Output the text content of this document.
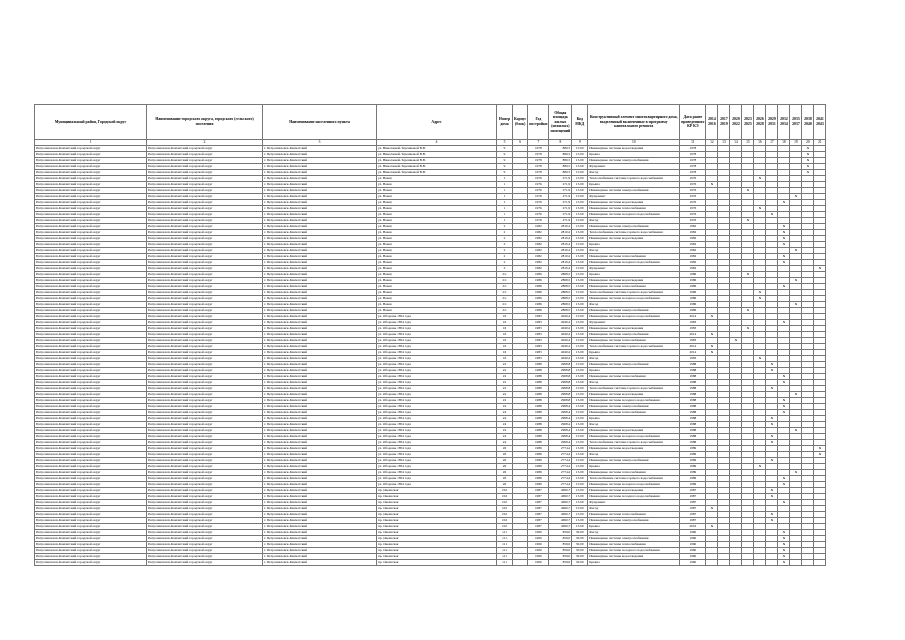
Муниципальный район, Городской округ	Наименование городского округа, городского (сельского) поселения	Наименование населенного пункта	Адрес	Номер дома	Корпус (блок)	Год постройки	Общая площадь жилых (нежилых) помещений	Код МКД	Конструктивный элемент многоквартирного дома, выделенный включенные в программу капитального ремонта	Дата ранее проведенного КР КЭ	2014 2016	2017 2019	2020 2022	2023 2025	2026 2028	2029 2031	2032 2034	2035 2037	2038 2040	2041 2043
1	2	3	4	5	6	7	8	9	10	11	12	13	14	15	16	17	18	19	20	21
Петропавловск-Камчатский городской округ	Петропавловск-Камчатский городской округ	г. Петропавловск-Камчатский	ул. Николаевой-Терешковой В.В.	9		1978	880,5	15.00	Инженерные системы водоотведения	1978									X	
Петропавловск-Камчатский городской округ	Петропавловск-Камчатский городской округ	г. Петропавловск-Камчатский	ул. Николаевой-Терешковой В.В.	9		1978	880,5	15.00	Крыша	1978									X	
Петропавловск-Камчатский городской округ	Петропавловск-Камчатский городской округ	г. Петропавловск-Камчатский	ул. Николаевой-Терешковой В.В.	9		1978	880,5	15.00	Инженерные системы электроснабжения	1978									X	
Петропавловск-Камчатский городской округ	Петропавловск-Камчатский городской округ	г. Петропавловск-Камчатский	ул. Николаевой-Терешковой В.В.	9		1978	880,5	15.00	Фундамент	1978									X	
Петропавловск-Камчатский городской округ	Петропавловск-Камчатский городской округ	г. Петропавловск-Камчатский	ул. Николаевой-Терешковой В.В.	9		1978	880,5	15.00	Фасад	1978									X	
Петропавловск-Камчатский городской округ	Петропавловск-Камчатский городской округ	г. Петропавловск-Камчатский	ул. Невая	1		1976	271,9	15.00	Теплоснабжение системы горячего водоснабжения	1976					X					
Петропавловск-Камчатский городской округ	Петропавловск-Камчатский городской округ	г. Петропавловск-Камчатский	ул. Невая	1		1976	271,9	15.00	Крыша	1976	X									
Петропавловск-Камчатский городской округ	Петропавловск-Камчатский городской округ	г. Петропавловск-Камчатский	ул. Невая	1		1976	271,9	15.00	Инженерные системы электроснабжения	1976				X						
Петропавловск-Камчатский городской округ	Петропавловск-Камчатский городской округ	г. Петропавловск-Камчатский	ул. Невая	1		1976	271,9	15.00	Фундамент	1976								X		
Петропавловск-Камчатский городской округ	Петропавловск-Камчатский городской округ	г. Петропавловск-Камчатский	ул. Невая	1		1976	271,9	15.00	Инженерные системы водоотведения	1976							X			
Петропавловск-Камчатский городской округ	Петропавловск-Камчатский городской округ	г. Петропавловск-Камчатский	ул. Невая	1		1976	271,9	15.00	Инженерные системы теплоснабжения	1976					X					
Петропавловск-Камчатский городской округ	Петропавловск-Камчатский городской округ	г. Петропавловск-Камчатский	ул. Невая	1		1976	271,9	15.00	Инженерные системы холодного водоснабжения	1976						X				
Петропавловск-Камчатский городской округ	Петропавловск-Камчатский городской округ	г. Петропавловск-Камчатский	ул. Невая	1		1976	271,9	15.00	Фасад	1976				X						
Петропавловск-Камчатский городской округ	Петропавловск-Камчатский городской округ	г. Петропавловск-Камчатский	ул. Невая	2		1982	2810,2	15.00	Инженерные системы электроснабжения	1982							X			
Петропавловск-Камчатский городской округ	Петропавловск-Камчатский городской округ	г. Петропавловск-Камчатский	ул. Невая	2		1982	2810,2	15.00	Теплоснабжение системы горячего водоснабжения	1982							X			
Петропавловск-Камчатский городской округ	Петропавловск-Камчатский городской округ	г. Петропавловск-Камчатский	ул. Невая	2		1982	2810,2	15.00	Инженерные системы водоотведения	1982							X			
Петропавловск-Камчатский городской округ	Петропавловск-Камчатский городской округ	г. Петропавловск-Камчатский	ул. Невая	2		1982	2810,2	15.00	Крыша	1982							X			
Петропавловск-Камчатский городской округ	Петропавловск-Камчатский городской округ	г. Петропавловск-Камчатский	ул. Невая	2		1982	2810,2	15.00	Фасад	1982								X		
Петропавловск-Камчатский городской округ	Петропавловск-Камчатский городской округ	г. Петропавловск-Камчатский	ул. Невая	2		1982	2810,2	15.00	Инженерные системы теплоснабжения	1982							X			
Петропавловск-Камчатский городской округ	Петропавловск-Камчатский городской округ	г. Петропавловск-Камчатский	ул. Невая	2		1982	2810,2	15.00	Инженерные системы холодного водоснабжения	1982							X			
Петропавловск-Камчатский городской округ	Петропавловск-Камчатский городской округ	г. Петропавловск-Камчатский	ул. Невая	2		1982	2810,2	15.00	Фундамент	1982										X
Петропавловск-Камчатский городской округ	Петропавловск-Камчатский городской округ	г. Петропавловск-Камчатский	ул. Невая	2/1		1986	2868,5	15.00	Крыша	1986				X						
Петропавловск-Камчатский городской округ	Петропавловск-Камчатский городской округ	г. Петропавловск-Камчатский	ул. Невая	2/1		1986	2868,5	15.00	Инженерные системы водоотведения	1986								X		
Петропавловск-Камчатский городской округ	Петропавловск-Камчатский городской округ	г. Петропавловск-Камчатский	ул. Невая	2/1		1986	2868,5	15.00	Инженерные системы теплоснабжения	1986							X			
Петропавловск-Камчатский городской округ	Петропавловск-Камчатский городской округ	г. Петропавловск-Камчатский	ул. Невая	2/1		1986	2868,5	15.00	Теплоснабжение системы горячего водоснабжения	1986					X					
Петропавловск-Камчатский городской округ	Петропавловск-Камчатский городской округ	г. Петропавловск-Камчатский	ул. Невая	2/1		1986	2868,5	15.00	Инженерные системы холодного водоснабжения	1986					X					
Петропавловск-Камчатский городской округ	Петропавловск-Камчатский городской округ	г. Петропавловск-Камчатский	ул. Невая	2/1		1986	2868,5	15.00	Фасад	1986								X		
Петропавловск-Камчатский городской округ	Петропавловск-Камчатский городской округ	г. Петропавловск-Камчатский	ул. Невая	2/1		1986	2868,5	15.00	Инженерные системы электроснабжения	1986				X						
Петропавловск-Камчатский городской округ	Петропавловск-Камчатский городской округ	г. Петропавловск-Камчатский	ул. Обороны 1854 года	16		1983	4040,2	15.00	Инженерные системы холодного водоснабжения	2014	X									
Петропавловск-Камчатский городской округ	Петропавловск-Камчатский городской округ	г. Петропавловск-Камчатский	ул. Обороны 1854 года	16		1983	4040,2	15.00	Фундамент	1983							X			
Петропавловск-Камчатский городской округ	Петропавловск-Камчатский городской округ	г. Петропавловск-Камчатский	ул. Обороны 1854 года	16		1983	4040,2	15.00	Инженерные системы водоотведения	1983				X						
Петропавловск-Камчатский городской округ	Петропавловск-Камчатский городской округ	г. Петропавловск-Камчатский	ул. Обороны 1854 года	16		1983	4040,2	15.00	Инженерные системы электроснабжения	2014	X									
Петропавловск-Камчатский городской округ	Петропавловск-Камчатский городской округ	г. Петропавловск-Камчатский	ул. Обороны 1854 года	16		1983	4040,2	15.00	Инженерные системы теплоснабжения	1983			X							
Петропавловск-Камчатский городской округ	Петропавловск-Камчатский городской округ	г. Петропавловск-Камчатский	ул. Обороны 1854 года	16		1983	4040,2	15.00	Теплоснабжение системы горячего водоснабжения	2014	X									
Петропавловск-Камчатский городской округ	Петропавловск-Камчатский городской округ	г. Петропавловск-Камчатский	ул. Обороны 1854 года	16		1983	4040,2	15.00	Крыша	2014	X									
Петропавловск-Камчатский городской округ	Петропавловск-Камчатский городской округ	г. Петропавловск-Камчатский	ул. Обороны 1854 года	16		1983	4040,2	15.00	Фасад	1983					X					
Петропавловск-Камчатский городской округ	Петропавловск-Камчатский городской округ	г. Петропавловск-Камчатский	ул. Обороны 1854 года	22		1988	2968,8	15.00	Инженерные системы электроснабжения	1988						X				
Петропавловск-Камчатский городской округ	Петропавловск-Камчатский городской округ	г. Петропавловск-Камчатский	ул. Обороны 1854 года	22		1988	2968,8	15.00	Крыша	1988						X				
Петропавловск-Камчатский городской округ	Петропавловск-Камчатский городской округ	г. Петропавловск-Камчатский	ул. Обороны 1854 года	22		1988	2968,8	15.00	Инженерные системы теплоснабжения	1988							X			
Петропавловск-Камчатский городской округ	Петропавловск-Камчатский городской округ	г. Петропавловск-Камчатский	ул. Обороны 1854 года	22		1988	2968,8	15.00	Фасад	1988							X			
Петропавловск-Камчатский городской округ	Петропавловск-Камчатский городской округ	г. Петропавловск-Камчатский	ул. Обороны 1854 года	22		1988	2968,8	15.00	Теплоснабжение системы горячего водоснабжения	1988						X				
Петропавловск-Камчатский городской округ	Петропавловск-Камчатский городской округ	г. Петропавловск-Камчатский	ул. Обороны 1854 года	22		1988	2968,8	15.00	Инженерные системы водоотведения	1988								X		
Петропавловск-Камчатский городской округ	Петропавловск-Камчатский городской округ	г. Петропавловск-Камчатский	ул. Обороны 1854 года	22		1988	2968,8	15.00	Инженерные системы холодного водоснабжения	1988							X			
Петропавловск-Камчатский городской округ	Петропавловск-Камчатский городской округ	г. Петропавловск-Камчатский	ул. Обороны 1854 года	24		1988	2968,4	15.00	Инженерные системы электроснабжения	1988							X			
Петропавловск-Камчатский городской округ	Петропавловск-Камчатский городской округ	г. Петропавловск-Камчатский	ул. Обороны 1854 года	24		1988	2968,4	15.00	Инженерные системы теплоснабжения	1988							X			
Петропавловск-Камчатский городской округ	Петропавловск-Камчатский городской округ	г. Петропавловск-Камчатский	ул. Обороны 1854 года	24		1988	2968,4	15.00	Крыша	1988						X				
Петропавловск-Камчатский городской округ	Петропавловск-Камчатский городской округ	г. Петропавловск-Камчатский	ул. Обороны 1854 года	24		1988	2968,4	15.00	Фасад	1988						X				
Петропавловск-Камчатский городской округ	Петропавловск-Камчатский городской округ	г. Петропавловск-Камчатский	ул. Обороны 1854 года	24		1988	2968,4	15.00	Инженерные системы водоотведения	1988								X		
Петропавловск-Камчатский городской округ	Петропавловск-Камчатский городской округ	г. Петропавловск-Камчатский	ул. Обороны 1854 года	24		1988	2968,4	15.00	Инженерные системы холодного водоснабжения	1988						X				
Петропавловск-Камчатский городской округ	Петропавловск-Камчатский городской округ	г. Петропавловск-Камчатский	ул. Обороны 1854 года	24		1988	2968,4	15.00	Теплоснабжение системы горячего водоснабжения	1988						X				
Петропавловск-Камчатский городской округ	Петропавловск-Камчатский городской округ	г. Петропавловск-Камчатский	ул. Обороны 1854 года	26		1989	2774,2	15.00	Инженерные системы водоотведения	1989										X
Петропавловск-Камчатский городской округ	Петропавловск-Камчатский городской округ	г. Петропавловск-Камчатский	ул. Обороны 1854 года	26		1989	2774,2	15.00	Фасад	1989										X
Петропавловск-Камчатский городской округ	Петропавловск-Камчатский городской округ	г. Петропавловск-Камчатский	ул. Обороны 1854 года	26		1989	2774,2	15.00	Инженерные системы электроснабжения	1989						X				
Петропавловск-Камчатский городской округ	Петропавловск-Камчатский городской округ	г. Петропавловск-Камчатский	ул. Обороны 1854 года	26		1989	2774,2	15.00	Крыша	1989					X					
Петропавловск-Камчатский городской округ	Петропавловск-Камчатский городской округ	г. Петропавловск-Камчатский	ул. Обороны 1854 года	26		1989	2774,2	15.00	Инженерные системы теплоснабжения	1989								X		
Петропавловск-Камчатский городской округ	Петропавловск-Камчатский городской округ	г. Петропавловск-Камчатский	ул. Обороны 1854 года	26		1989	2774,2	15.00	Теплоснабжение системы горячего водоснабжения	1989							X			
Петропавловск-Камчатский городской округ	Петропавловск-Камчатский городской округ	г. Петропавловск-Камчатский	ул. Обороны 1854 года	26		1989	2774,2	15.00	Инженерные системы холодного водоснабжения	1989							X			
Петропавловск-Камчатский городской округ	Петропавловск-Камчатский городской округ	г. Петропавловск-Камчатский	пр. Океанская	102		1987	4690,7	15.00	Инженерные системы водоотведения	1987						X				
Петропавловск-Камчатский городской округ	Петропавловск-Камчатский городской округ	г. Петропавловск-Камчатский	пр. Океанская	102		1987	4690,7	15.00	Инженерные системы холодного водоснабжения	1987						X				
Петропавловск-Камчатский городской округ	Петропавловск-Камчатский городской округ	г. Петропавловск-Камчатский	пр. Океанская	102		1987	4690,7	15.00	Фундамент	1987							X			
Петропавловск-Камчатский городской округ	Петропавловск-Камчатский городской округ	г. Петропавловск-Камчатский	пр. Океанская	102		1987	4690,7	15.00	Фасад	1987	X									
Петропавловск-Камчатский городской округ	Петропавловск-Камчатский городской округ	г. Петропавловск-Камчатский	пр. Океанская	102		1987	4690,7	15.00	Инженерные системы теплоснабжения	1987						X				
Петропавловск-Камчатский городской округ	Петропавловск-Камчатский городской округ	г. Петропавловск-Камчатский	пр. Океанская	102		1987	4690,7	15.00	Инженерные системы электроснабжения	1987						X				
Петропавловск-Камчатский городской округ	Петропавловск-Камчатский городской округ	г. Петропавловск-Камчатский	пр. Океанская	102		1987	4690,7	15.00	Крыша	2016	X									
Петропавловск-Камчатский городской округ	Петропавловск-Камчатский городской округ	г. Петропавловск-Камчатский	пр. Океанская	111		1960	859,0	30.00	Фасад	1960							X			
Петропавловск-Камчатский городской округ	Петропавловск-Камчатский городской округ	г. Петропавловск-Камчатский	пр. Океанская	111		1960	859,0	30.00	Инженерные системы электроснабжения	1960							X			
Петропавловск-Камчатский городской округ	Петропавловск-Камчатский городской округ	г. Петропавловск-Камчатский	пр. Океанская	111		1960	859,0	30.00	Инженерные системы теплоснабжения	1960							X			
Петропавловск-Камчатский городской округ	Петропавловск-Камчатский городской округ	г. Петропавловск-Камчатский	пр. Океанская	111		1960	859,0	30.00	Инженерные системы холодного водоснабжения	1960							X			
Петропавловск-Камчатский городской округ	Петропавловск-Камчатский городской округ	г. Петропавловск-Камчатский	пр. Океанская	111		1960	859,0	30.00	Инженерные системы водоотведения	1960							X			
Петропавловск-Камчатский городской округ	Петропавловск-Камчатский городской округ	г. Петропавловск-Камчатский	пр. Океанская	111		1960	859,0	30.00	Крыша	1960							X			
